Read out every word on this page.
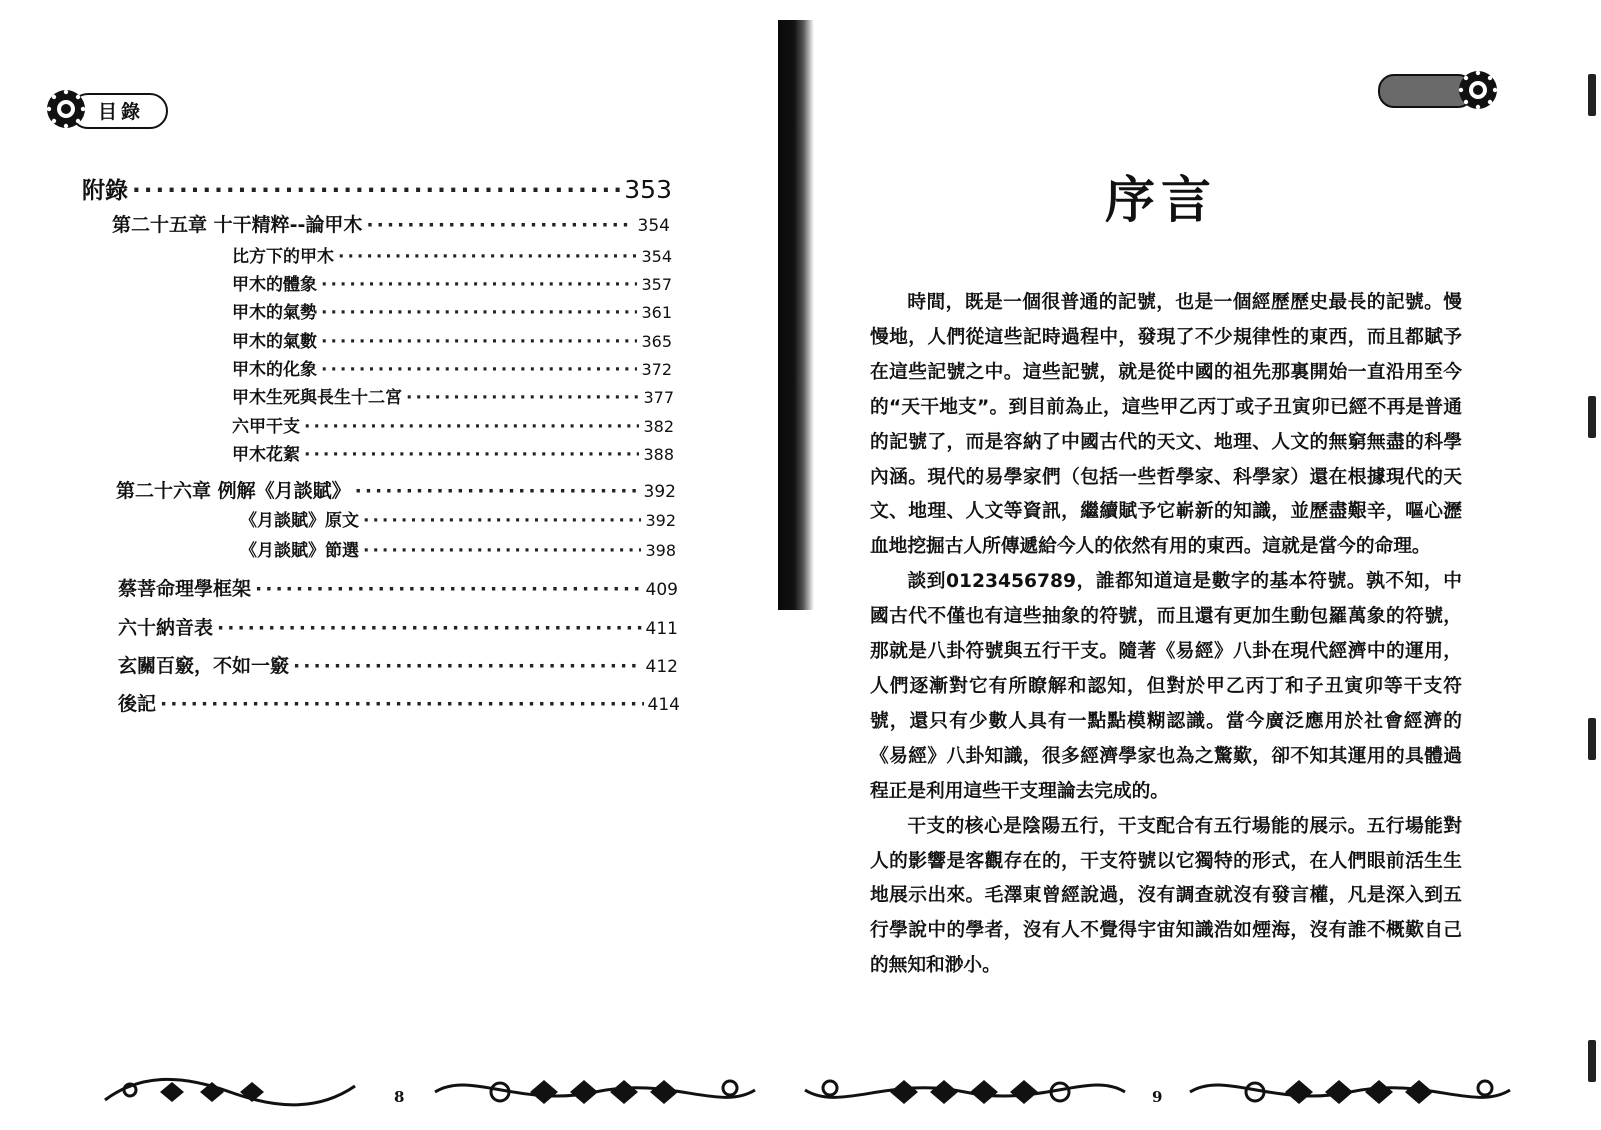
目錄
附錄 ·····	353
第二十五章 十干精粹--論甲木 ·····	354
比方下的甲木 ·····	354
甲木的體象 ·····	357
甲木的氣勢 ·····	361
甲木的氣數 ·····	365
甲木的化象 ·····	372
甲木生死與長生十二宮 ·····	377
六甲干支 ·····	382
甲木花絮 ·····	388
第二十六章 例解《月談賦》 ·····	392
《月談賦》原文 ·····	392
《月談賦》節選 ·····	398
蔡菩命理學框架 ·····	409
六十納音表 ·····	411
玄關百竅，不如一竅 ·····	412
後記 ·····	414
8
序言

時間，既是一個很普通的記號，也是一個經歷歷史最長的記號。慢慢地，人們從這些記時過程中，發現了不少規律性的東西，而且都賦予在這些記號之中。這些記號，就是從中國的祖先那裏開始一直沿用至今的“天干地支”。到目前為止，這些甲乙丙丁或子丑寅卯已經不再是普通的記號了，而是容納了中國古代的天文、地理、人文的無窮無盡的科學內涵。現代的易學家們（包括一些哲學家、科學家）還在根據現代的天文、地理、人文等資訊，繼續賦予它嶄新的知識，並歷盡艱辛，嘔心瀝血地挖掘古人所傳遞給今人的依然有用的東西。這就是當今的命理。

談到0123456789，誰都知道這是數字的基本符號。孰不知，中國古代不僅也有這些抽象的符號，而且還有更加生動包羅萬象的符號，那就是八卦符號與五行干支。隨著《易經》八卦在現代經濟中的運用，人們逐漸對它有所瞭解和認知，但對於甲乙丙丁和子丑寅卯等干支符號，還只有少數人具有一點點模糊認識。當今廣泛應用於社會經濟的《易經》八卦知識，很多經濟學家也為之驚歎，卻不知其運用的具體過程正是利用這些干支理論去完成的。

干支的核心是陰陽五行，干支配合有五行場能的展示。五行場能對人的影響是客觀存在的，干支符號以它獨特的形式，在人們眼前活生生地展示出來。毛澤東曾經說過，沒有調查就沒有發言權，凡是深入到五行學說中的學者，沒有人不覺得宇宙知識浩如煙海，沒有誰不概歎自己的無知和渺小。

9
